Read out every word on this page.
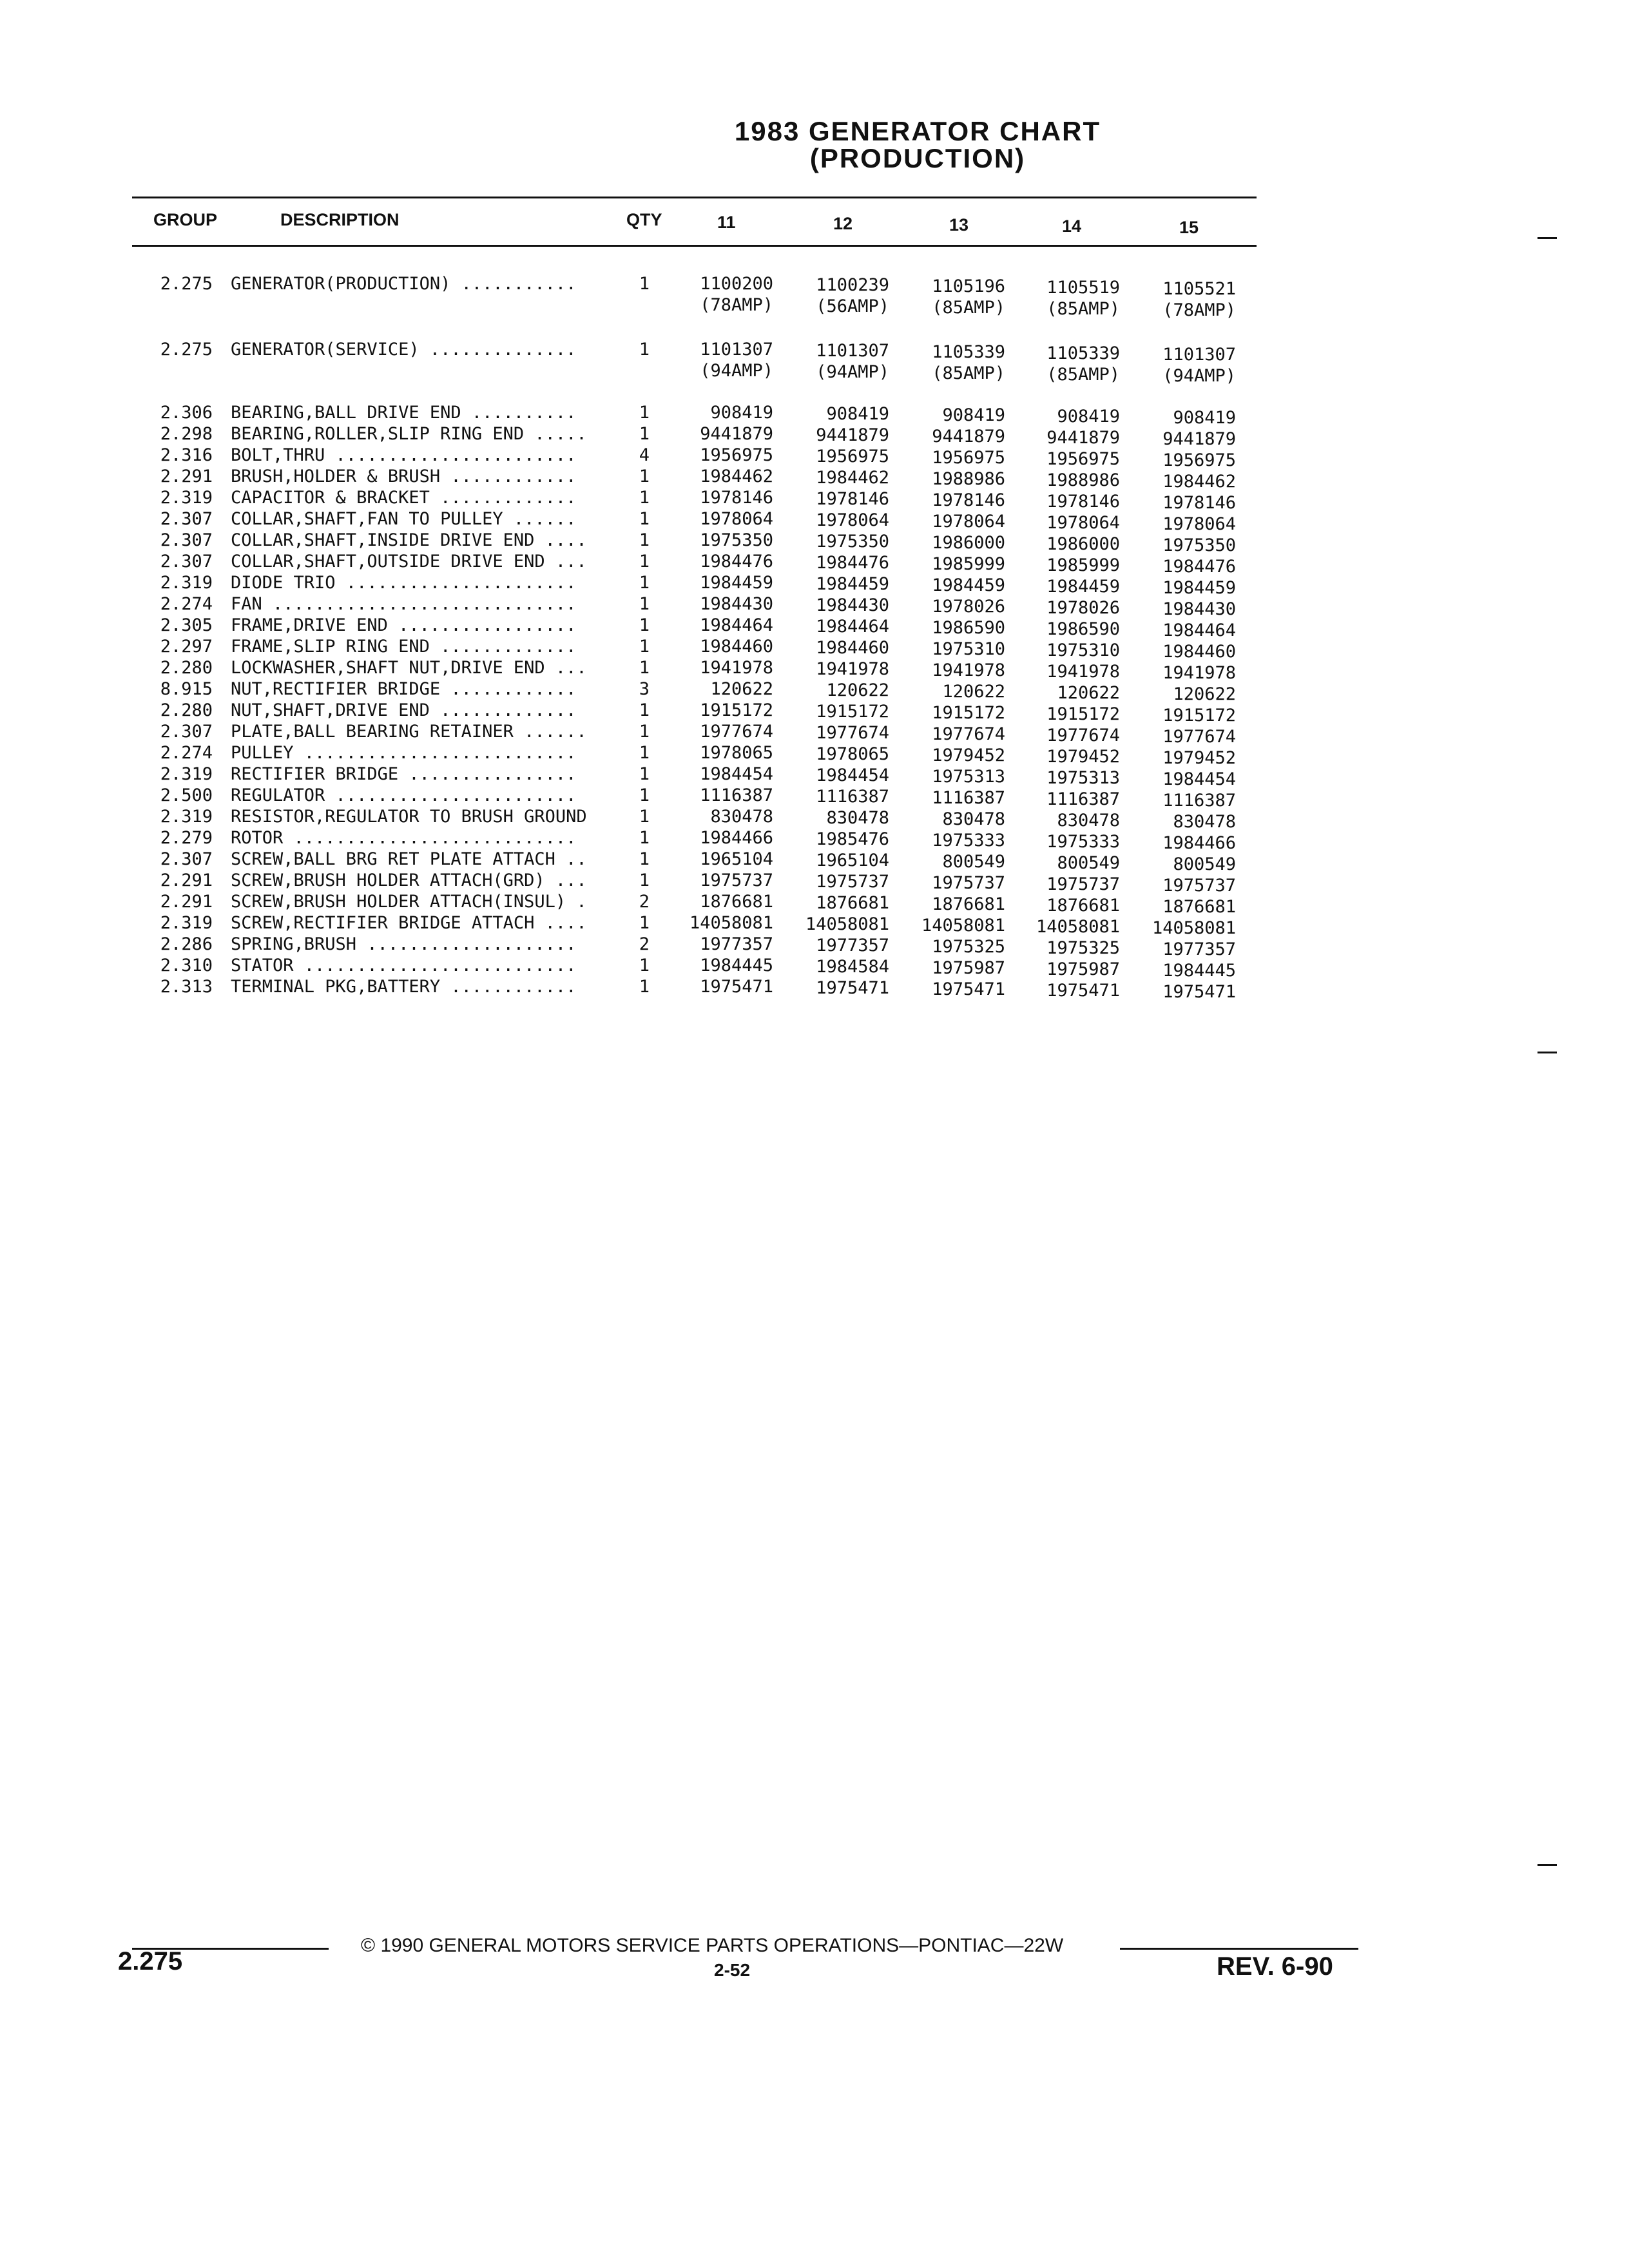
1983 GENERATOR CHART
(PRODUCTION)
GROUP	DESCRIPTION	QTY	11	12	13	14	15
2.275 GENERATOR(PRODUCTION) ...........	1	1100200	1100239	1105196	1105519	1105521
(78AMP)	(56AMP)	(85AMP)	(85AMP)	(78AMP)
2.275 GENERATOR(SERVICE) ..............	1	1101307	1101307	1105339	1105339	1101307
(94AMP)	(94AMP)	(85AMP)	(85AMP)	(94AMP)
2.306 BEARING,BALL DRIVE END ..........	1	908419	908419	908419	908419	908419
2.298 BEARING,ROLLER,SLIP RING END .....	1	9441879	9441879	9441879	9441879	9441879
2.316 BOLT,THRU .......................	4	1956975	1956975	1956975	1956975	1956975
2.291 BRUSH,HOLDER & BRUSH ............	1	1984462	1984462	1988986	1988986	1984462
2.319 CAPACITOR & BRACKET .............	1	1978146	1978146	1978146	1978146	1978146
2.307 COLLAR,SHAFT,FAN TO PULLEY ......	1	1978064	1978064	1978064	1978064	1978064
2.307 COLLAR,SHAFT,INSIDE DRIVE END ....	1	1975350	1975350	1986000	1986000	1975350
2.307 COLLAR,SHAFT,OUTSIDE DRIVE END ...	1	1984476	1984476	1985999	1985999	1984476
2.319 DIODE TRIO ......................	1	1984459	1984459	1984459	1984459	1984459
2.274 FAN .............................	1	1984430	1984430	1978026	1978026	1984430
2.305 FRAME,DRIVE END .................	1	1984464	1984464	1986590	1986590	1984464
2.297 FRAME,SLIP RING END .............	1	1984460	1984460	1975310	1975310	1984460
2.280 LOCKWASHER,SHAFT NUT,DRIVE END ...	1	1941978	1941978	1941978	1941978	1941978
8.915 NUT,RECTIFIER BRIDGE ............	3	120622	120622	120622	120622	120622
2.280 NUT,SHAFT,DRIVE END .............	1	1915172	1915172	1915172	1915172	1915172
2.307 PLATE,BALL BEARING RETAINER ......	1	1977674	1977674	1977674	1977674	1977674
2.274 PULLEY ..........................	1	1978065	1978065	1979452	1979452	1979452
2.319 RECTIFIER BRIDGE ................	1	1984454	1984454	1975313	1975313	1984454
2.500 REGULATOR .......................	1	1116387	1116387	1116387	1116387	1116387
2.319 RESISTOR,REGULATOR TO BRUSH GROUND	1	830478	830478	830478	830478	830478
2.279 ROTOR ...........................	1	1984466	1985476	1975333	1975333	1984466
2.307 SCREW,BALL BRG RET PLATE ATTACH ..	1	1965104	1965104	800549	800549	800549
2.291 SCREW,BRUSH HOLDER ATTACH(GRD) ...	1	1975737	1975737	1975737	1975737	1975737
2.291 SCREW,BRUSH HOLDER ATTACH(INSUL) .	2	1876681	1876681	1876681	1876681	1876681
2.319 SCREW,RECTIFIER BRIDGE ATTACH ....	1	14058081	14058081	14058081	14058081	14058081
2.286 SPRING,BRUSH ....................	2	1977357	1977357	1975325	1975325	1977357
2.310 STATOR ..........................	1	1984445	1984584	1975987	1975987	1984445
2.313 TERMINAL PKG,BATTERY ............	1	1975471	1975471	1975471	1975471	1975471
© 1990 GENERAL MOTORS SERVICE PARTS OPERATIONS—PONTIAC—22W
2-52
2.275	REV. 6-90
